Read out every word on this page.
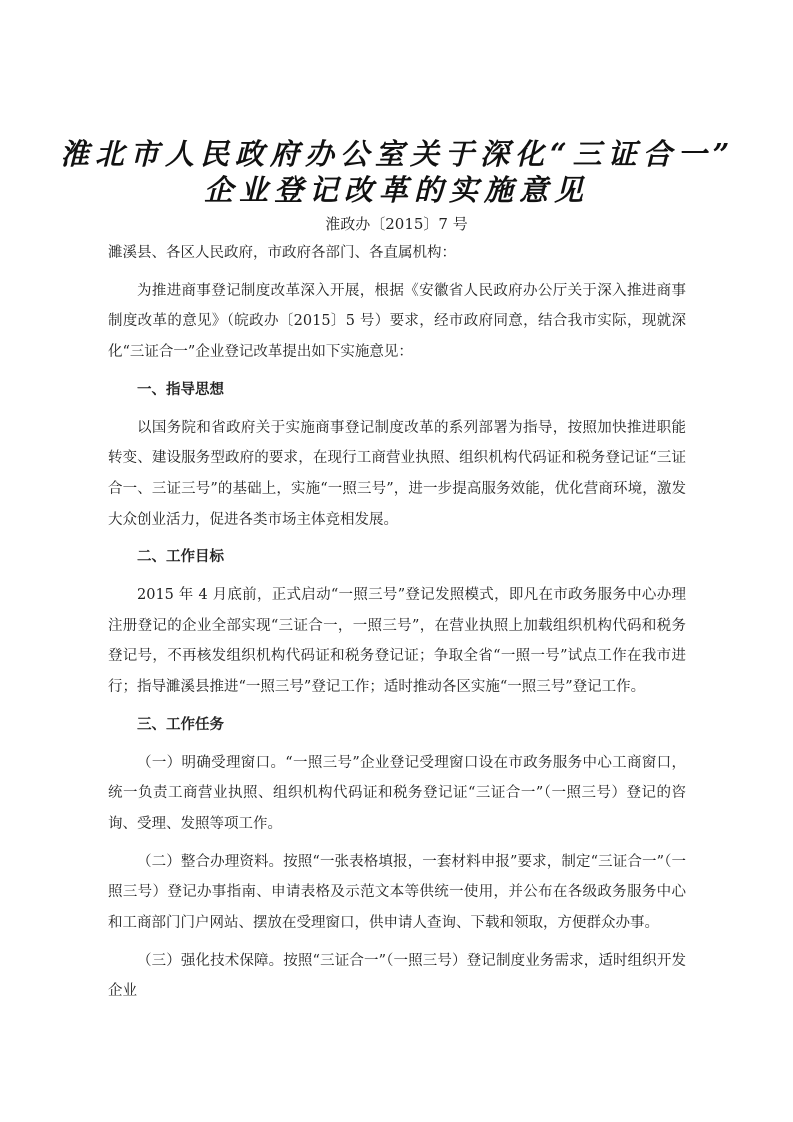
淮北市人民政府办公室关于深化“三证合一”
企业登记改革的实施意见
淮政办〔2015〕7 号

濉溪县、各区人民政府，市政府各部门、各直属机构：

为推进商事登记制度改革深入开展，根据《安徽省人民政府办公厅关于深入推进商事制度改革的意见》（皖政办〔2015〕5 号）要求，经市政府同意，结合我市实际，现就深化“三证合一”企业登记改革提出如下实施意见：

一、指导思想

以国务院和省政府关于实施商事登记制度改革的系列部署为指导，按照加快推进职能转变、建设服务型政府的要求，在现行工商营业执照、组织机构代码证和税务登记证“三证合一、三证三号”的基础上，实施“一照三号”，进一步提高服务效能，优化营商环境，激发大众创业活力，促进各类市场主体竞相发展。

二、工作目标

2015 年 4 月底前，正式启动“一照三号”登记发照模式，即凡在市政务服务中心办理注册登记的企业全部实现“三证合一，一照三号”，在营业执照上加载组织机构代码和税务登记号，不再核发组织机构代码证和税务登记证；争取全省“一照一号”试点工作在我市进行；指导濉溪县推进“一照三号”登记工作；适时推动各区实施“一照三号”登记工作。

三、工作任务

（一）明确受理窗口。“一照三号”企业登记受理窗口设在市政务服务中心工商窗口，统一负责工商营业执照、组织机构代码证和税务登记证“三证合一”（一照三号）登记的咨询、受理、发照等项工作。

（二）整合办理资料。按照“一张表格填报，一套材料申报”要求，制定“三证合一”（一照三号）登记办事指南、申请表格及示范文本等供统一使用，并公布在各级政务服务中心和工商部门门户网站、摆放在受理窗口，供申请人查询、下载和领取，方便群众办事。

（三）强化技术保障。按照“三证合一”（一照三号）登记制度业务需求，适时组织开发企业
